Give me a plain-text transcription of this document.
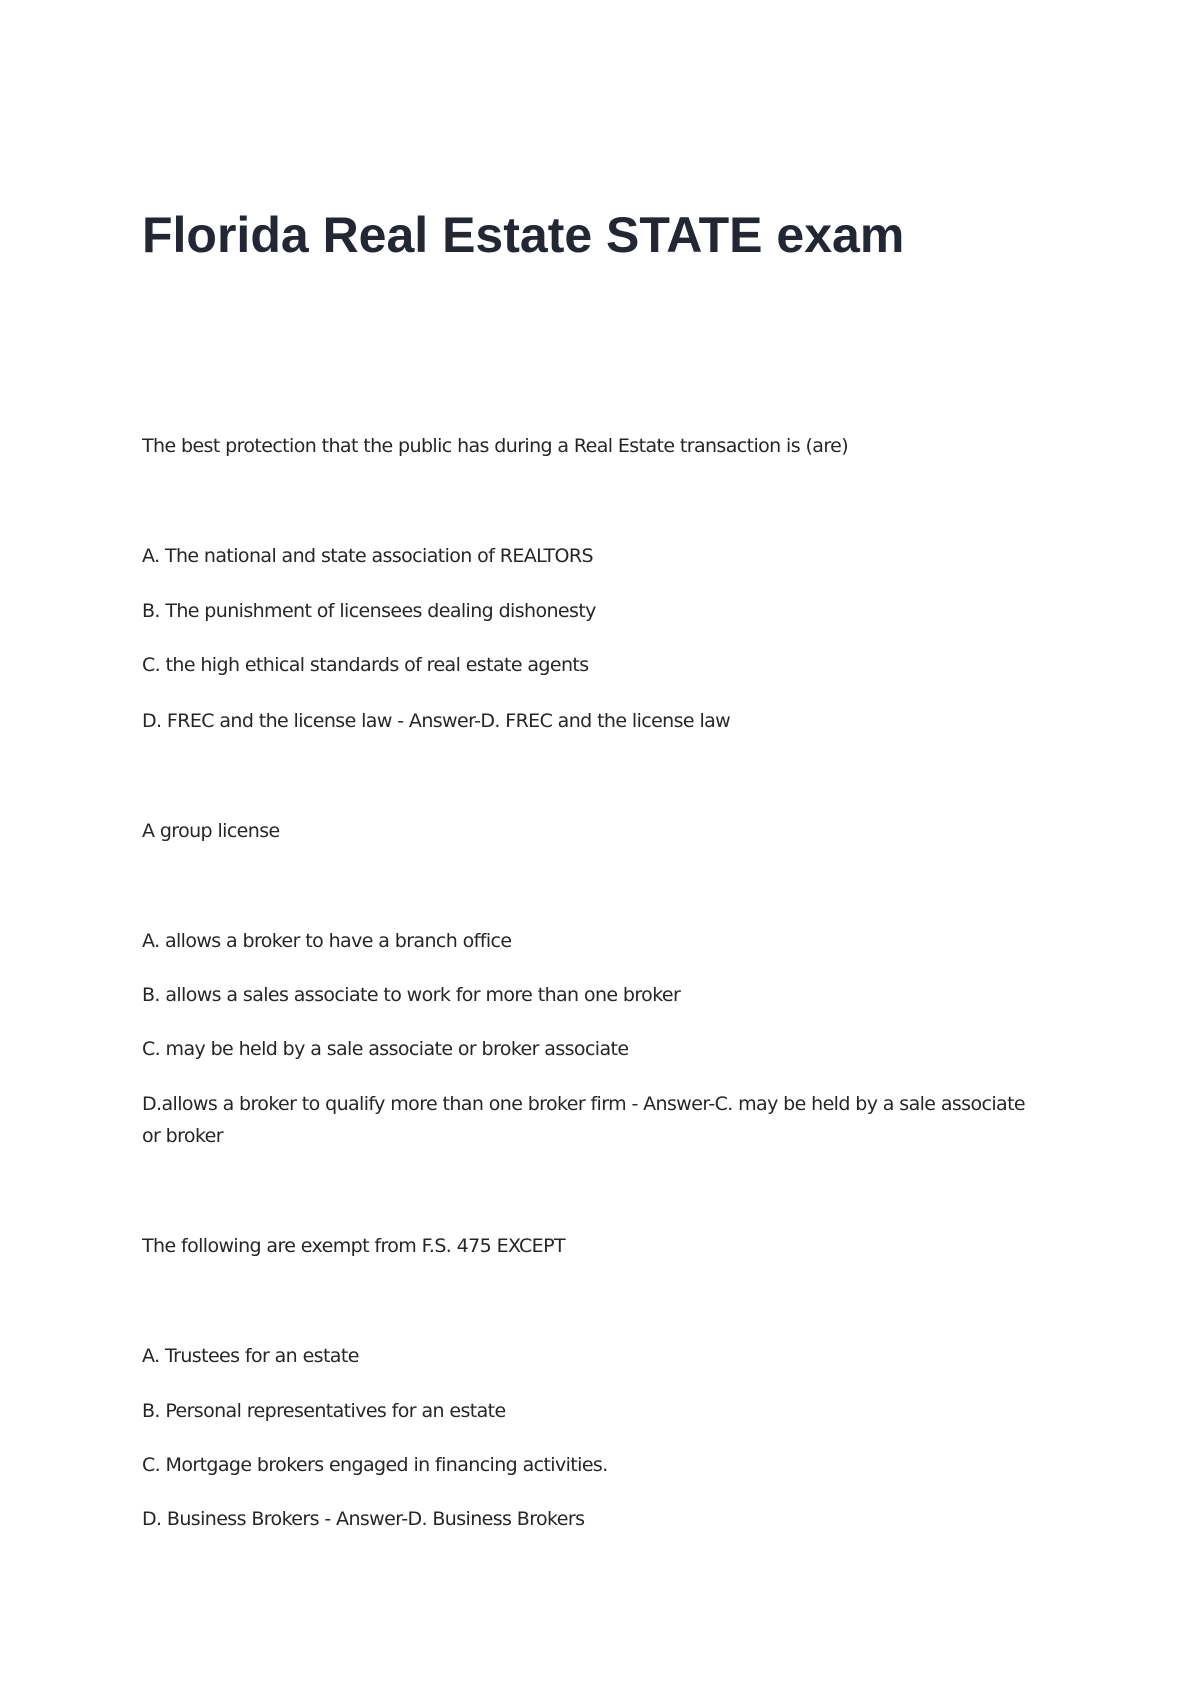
Florida Real Estate STATE exam

The best protection that the public has during a Real Estate transaction is (are)

A. The national and state association of REALTORS

B. The punishment of licensees dealing dishonesty

C. the high ethical standards of real estate agents

D. FREC and the license law - Answer-D. FREC and the license law

A group license

A. allows a broker to have a branch office

B. allows a sales associate to work for more than one broker

C. may be held by a sale associate or broker associate

D.allows a broker to qualify more than one broker firm - Answer-C. may be held by a sale associate or broker

The following are exempt from F.S. 475 EXCEPT

A. Trustees for an estate

B. Personal representatives for an estate

C. Mortgage brokers engaged in financing activities.

D. Business Brokers - Answer-D. Business Brokers
